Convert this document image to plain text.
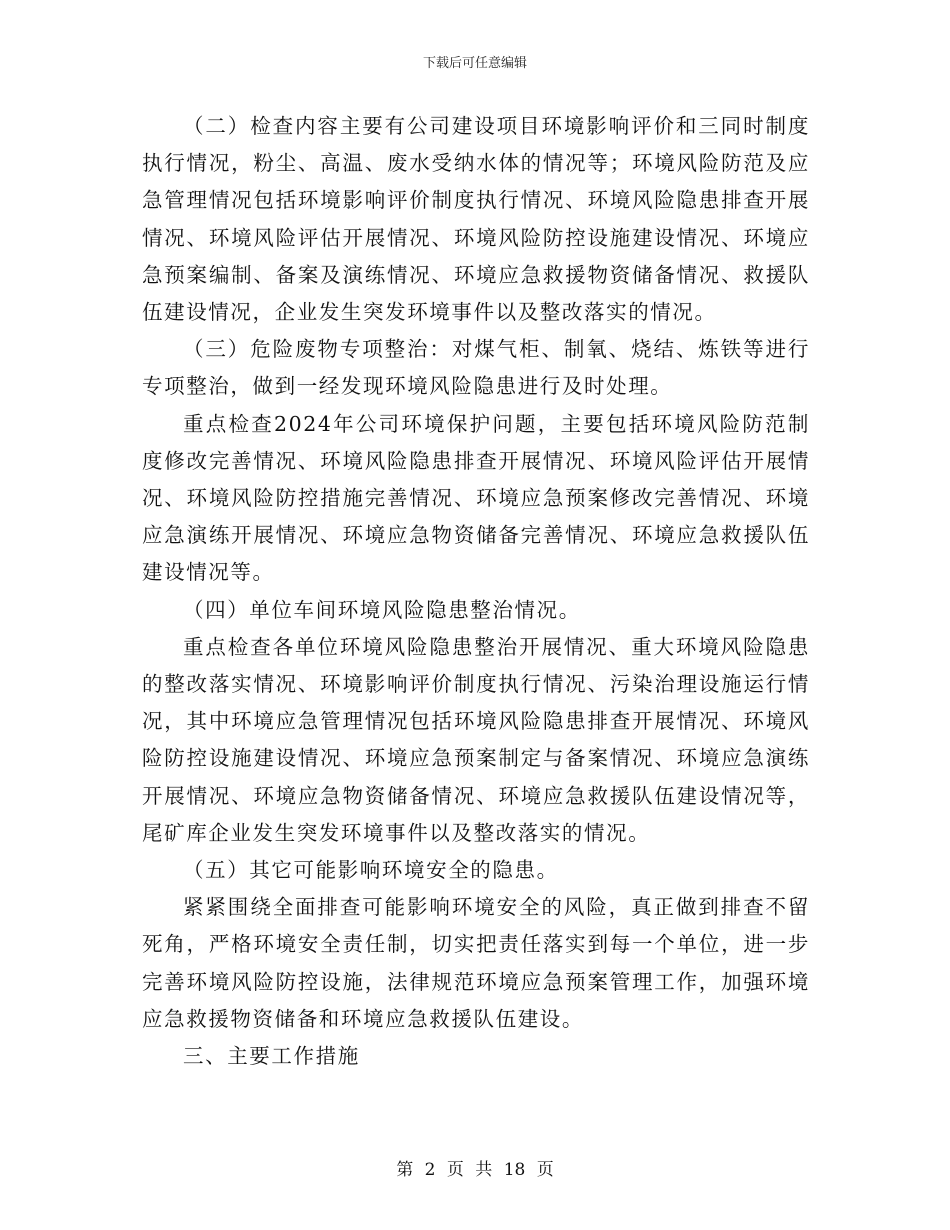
下载后可任意编辑

（二）检查内容主要有公司建设项目环境影响评价和三同时制度执行情况，粉尘、高温、废水受纳水体的情况等；环境风险防范及应急管理情况包括环境影响评价制度执行情况、环境风险隐患排查开展情况、环境风险评估开展情况、环境风险防控设施建设情况、环境应急预案编制、备案及演练情况、环境应急救援物资储备情况、救援队伍建设情况，企业发生突发环境事件以及整改落实的情况。

（三）危险废物专项整治：对煤气柜、制氧、烧结、炼铁等进行专项整治，做到一经发现环境风险隐患进行及时处理。

重点检查2024年公司环境保护问题，主要包括环境风险防范制度修改完善情况、环境风险隐患排查开展情况、环境风险评估开展情况、环境风险防控措施完善情况、环境应急预案修改完善情况、环境应急演练开展情况、环境应急物资储备完善情况、环境应急救援队伍建设情况等。

（四）单位车间环境风险隐患整治情况。

重点检查各单位环境风险隐患整治开展情况、重大环境风险隐患的整改落实情况、环境影响评价制度执行情况、污染治理设施运行情况，其中环境应急管理情况包括环境风险隐患排查开展情况、环境风险防控设施建设情况、环境应急预案制定与备案情况、环境应急演练开展情况、环境应急物资储备情况、环境应急救援队伍建设情况等，尾矿库企业发生突发环境事件以及整改落实的情况。

（五）其它可能影响环境安全的隐患。

紧紧围绕全面排查可能影响环境安全的风险，真正做到排查不留死角，严格环境安全责任制，切实把责任落实到每一个单位，进一步完善环境风险防控设施，法律规范环境应急预案管理工作，加强环境应急救援物资储备和环境应急救援队伍建设。

三、主要工作措施

第 2 页 共 18 页
